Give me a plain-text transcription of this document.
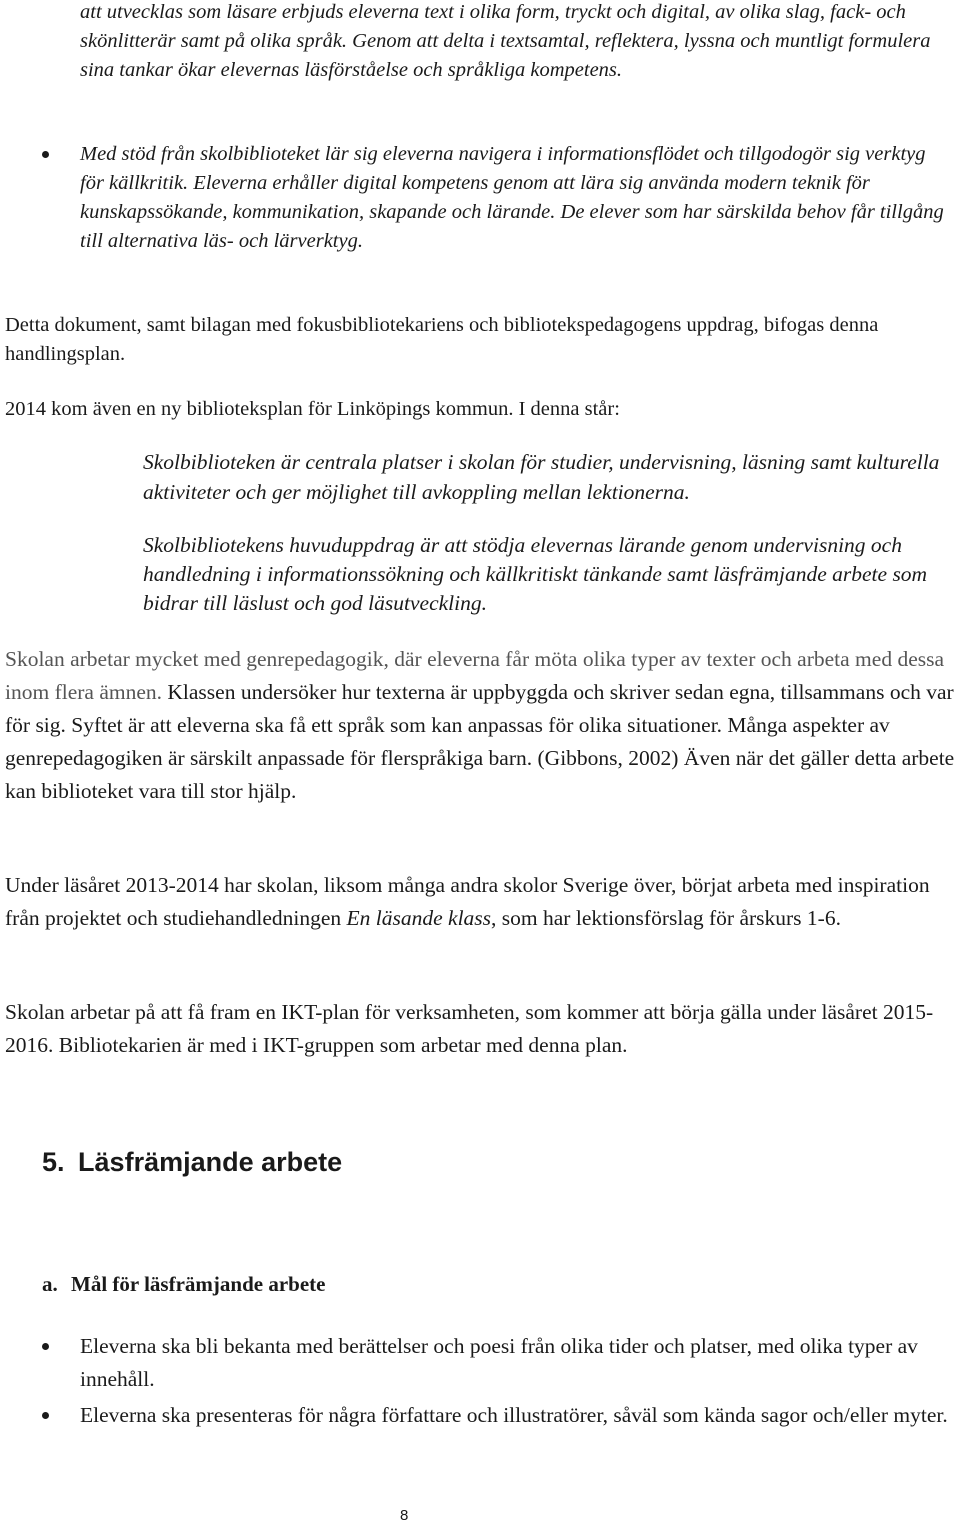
att utvecklas som läsare erbjuds eleverna text i olika form, tryckt och digital, av olika slag, fack- och skönlitterär samt på olika språk. Genom att delta i textsamtal, reflektera, lyssna och muntligt formulera sina tankar ökar elevernas läsförståelse och språkliga kompetens.

Med stöd från skolbiblioteket lär sig eleverna navigera i informationsflödet och tillgodogör sig verktyg för källkritik. Eleverna erhåller digital kompetens genom att lära sig använda modern teknik för kunskapssökande, kommunikation, skapande och lärande. De elever som har särskilda behov får tillgång till alternativa läs- och lärverktyg.

Detta dokument, samt bilagan med fokusbibliotekariens och bibliotekspedagogens uppdrag, bifogas denna handlingsplan.

2014 kom även en ny biblioteksplan för Linköpings kommun. I denna står:

Skolbiblioteken är centrala platser i skolan för studier, undervisning, läsning samt kulturella aktiviteter och ger möjlighet till avkoppling mellan lektionerna.

Skolbibliotekens huvuduppdrag är att stödja elevernas lärande genom undervisning och handledning i informationssökning och källkritiskt tänkande samt läsfrämjande arbete som bidrar till läslust och god läsutveckling.

Skolan arbetar mycket med genrepedagogik, där eleverna får möta olika typer av texter och arbeta med dessa inom flera ämnen. Klassen undersöker hur texterna är uppbyggda och skriver sedan egna, tillsammans och var för sig. Syftet är att eleverna ska få ett språk som kan anpassas för olika situationer. Många aspekter av genrepedagogiken är särskilt anpassade för flerspråkiga barn. (Gibbons, 2002) Även när det gäller detta arbete kan biblioteket vara till stor hjälp.

Under läsåret 2013-2014 har skolan, liksom många andra skolor Sverige över, börjat arbeta med inspiration från projektet och studiehandledningen En läsande klass, som har lektionsförslag för årskurs 1-6.

Skolan arbetar på att få fram en IKT-plan för verksamheten, som kommer att börja gälla under läsåret 2015-2016. Bibliotekarien är med i IKT-gruppen som arbetar med denna plan.

5. Läsfrämjande arbete
a. Mål för läsfrämjande arbete

Eleverna ska bli bekanta med berättelser och poesi från olika tider och platser, med olika typer av innehåll.

Eleverna ska presenteras för några författare och illustratörer, såväl som kända sagor och/eller myter.

8
